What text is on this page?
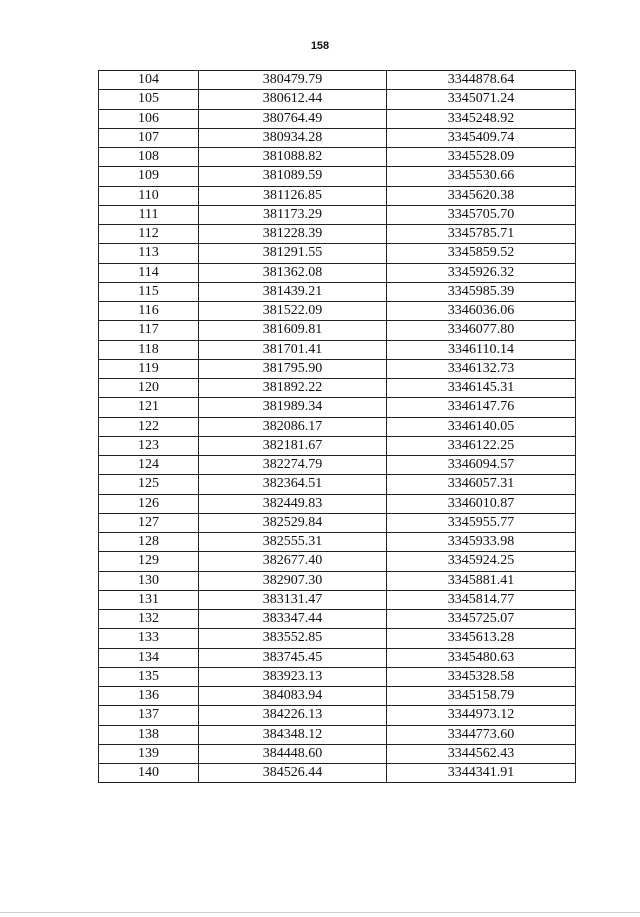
158
104	380479.79	3344878.64
105	380612.44	3345071.24
106	380764.49	3345248.92
107	380934.28	3345409.74
108	381088.82	3345528.09
109	381089.59	3345530.66
110	381126.85	3345620.38
111	381173.29	3345705.70
112	381228.39	3345785.71
113	381291.55	3345859.52
114	381362.08	3345926.32
115	381439.21	3345985.39
116	381522.09	3346036.06
117	381609.81	3346077.80
118	381701.41	3346110.14
119	381795.90	3346132.73
120	381892.22	3346145.31
121	381989.34	3346147.76
122	382086.17	3346140.05
123	382181.67	3346122.25
124	382274.79	3346094.57
125	382364.51	3346057.31
126	382449.83	3346010.87
127	382529.84	3345955.77
128	382555.31	3345933.98
129	382677.40	3345924.25
130	382907.30	3345881.41
131	383131.47	3345814.77
132	383347.44	3345725.07
133	383552.85	3345613.28
134	383745.45	3345480.63
135	383923.13	3345328.58
136	384083.94	3345158.79
137	384226.13	3344973.12
138	384348.12	3344773.60
139	384448.60	3344562.43
140	384526.44	3344341.91
